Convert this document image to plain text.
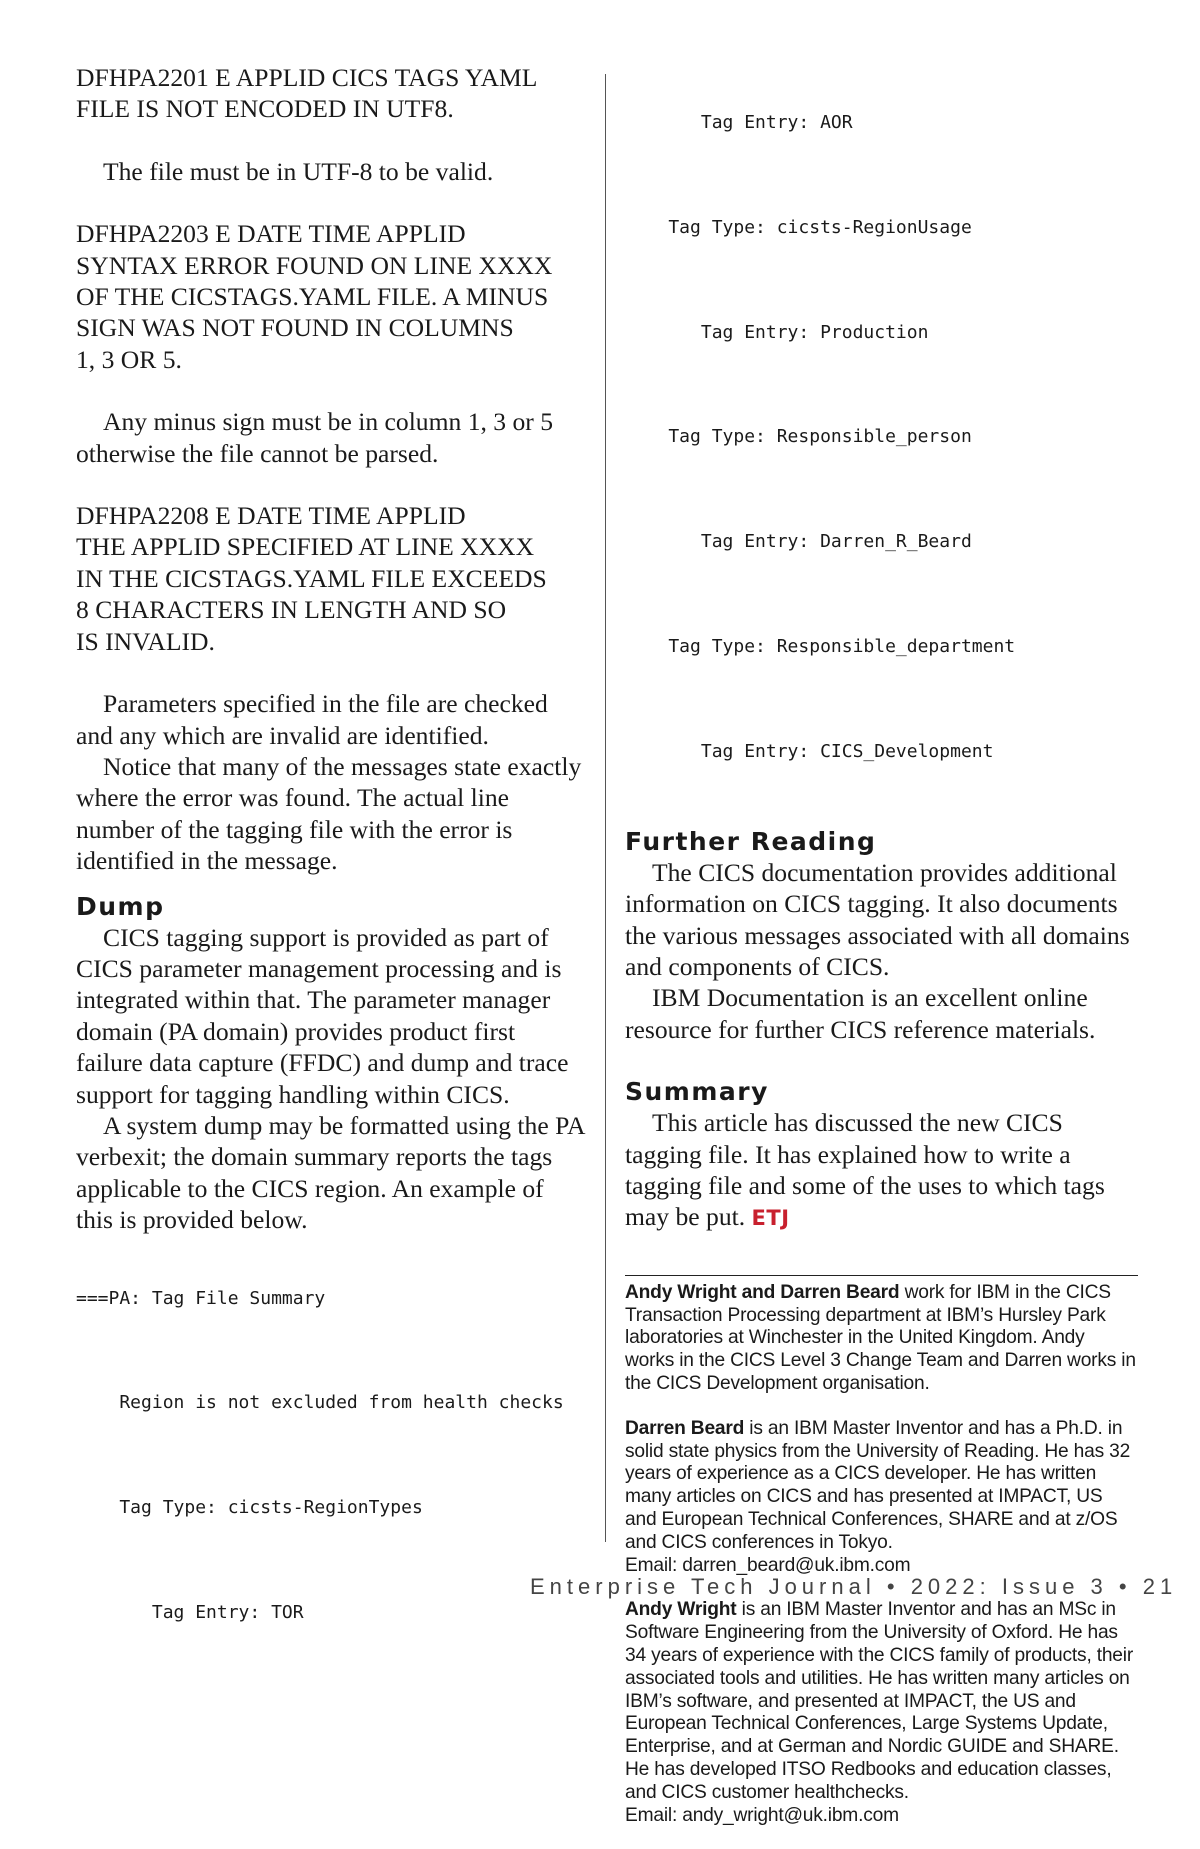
DFHPA2201 E APPLID CICS TAGS YAML
FILE IS NOT ENCODED IN UTF8.

The file must be in UTF-8 to be valid.

DFHPA2203 E DATE TIME APPLID
SYNTAX ERROR FOUND ON LINE XXXX
OF THE CICSTAGS.YAML FILE. A MINUS
SIGN WAS NOT FOUND IN COLUMNS
1, 3 OR 5.

Any minus sign must be in column 1, 3 or 5 otherwise the file cannot be parsed.

DFHPA2208 E DATE TIME APPLID
THE APPLID SPECIFIED AT LINE XXXX
IN THE CICSTAGS.YAML FILE EXCEEDS
8 CHARACTERS IN LENGTH AND SO
IS INVALID.

Parameters specified in the file are checked and any which are invalid are identified.

Notice that many of the messages state exactly where the error was found. The actual line number of the tagging file with the error is identified in the message.

Dump

CICS tagging support is provided as part of CICS parameter management processing and is integrated within that. The parameter manager domain (PA domain) provides product first failure data capture (FFDC) and dump and trace support for tagging handling within CICS.

A system dump may be formatted using the PA verbexit; the domain summary reports the tags applicable to the CICS region. An example of this is provided below.

===PA: Tag File Summary

Region is not excluded from health checks

Tag Type: cicsts-RegionTypes

Tag Entry: TOR

Tag Entry: AOR

Tag Type: cicsts-RegionUsage

Tag Entry: Production

Tag Type: Responsible_person

Tag Entry: Darren_R_Beard

Tag Type: Responsible_department

Tag Entry: CICS_Development

Further Reading

The CICS documentation provides additional information on CICS tagging. It also documents the various messages associated with all domains and components of CICS.

IBM Documentation is an excellent online resource for further CICS reference materials.

Summary

This article has discussed the new CICS tagging file. It has explained how to write a tagging file and some of the uses to which tags may be put. ETJ

Andy Wright and Darren Beard work for IBM in the CICS Transaction Processing department at IBM’s Hursley Park laboratories at Winchester in the United Kingdom. Andy works in the CICS Level 3 Change Team and Darren works in the CICS Development organisation.

Darren Beard is an IBM Master Inventor and has a Ph.D. in solid state physics from the University of Reading. He has 32 years of experience as a CICS developer. He has written many articles on CICS and has presented at IMPACT, US and European Technical Conferences, SHARE and at z/OS and CICS conferences in Tokyo.
Email: darren_beard@uk.ibm.com

Andy Wright is an IBM Master Inventor and has an MSc in Software Engineering from the University of Oxford. He has 34 years of experience with the CICS family of products, their associated tools and utilities. He has written many articles on IBM’s software, and presented at IMPACT, the US and European Technical Conferences, Large Systems Update, Enterprise, and at German and Nordic GUIDE and SHARE. He has developed ITSO Redbooks and education classes, and CICS customer healthchecks.
Email: andy_wright@uk.ibm.com

Enterprise Tech Journal • 2022: Issue 3 • 21
